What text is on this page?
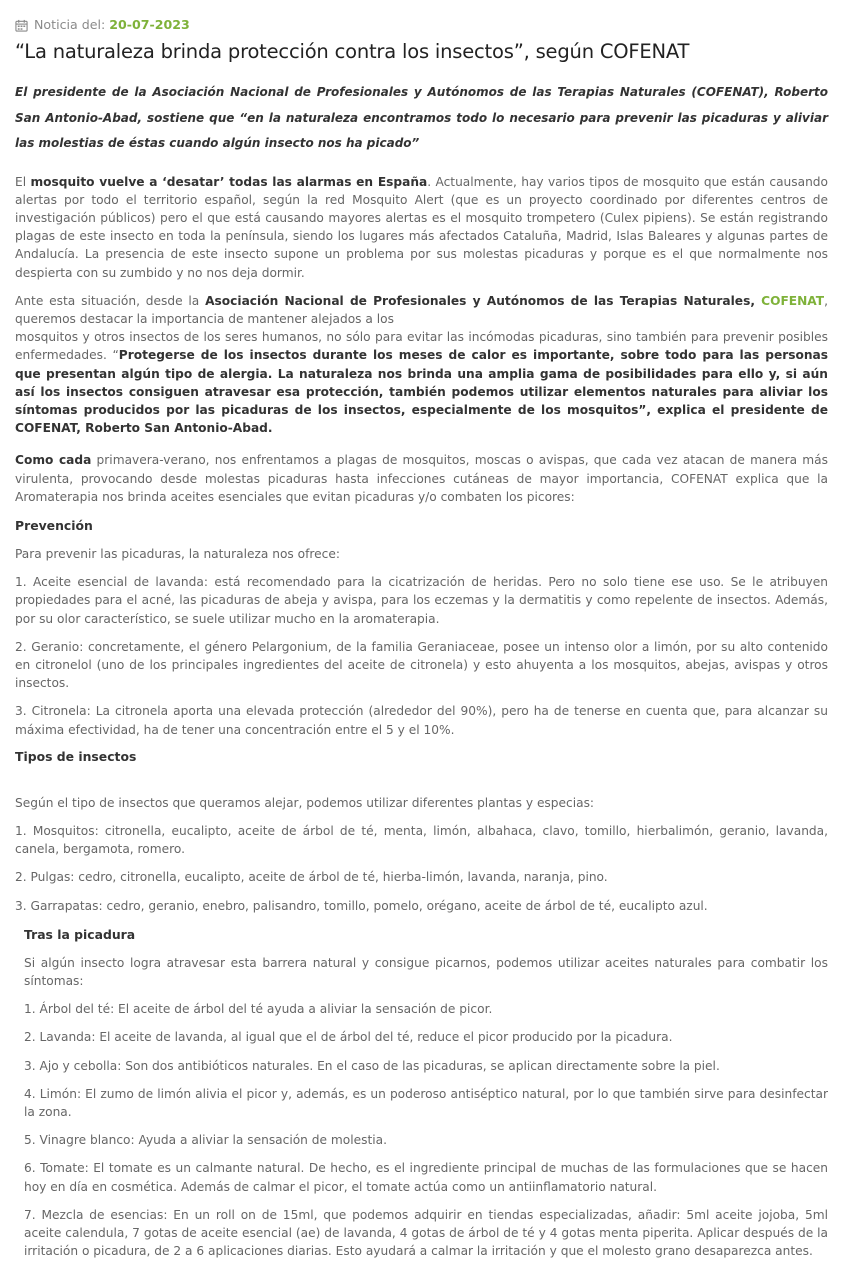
Noticia del: 20-07-2023
“La naturaleza brinda protección contra los insectos”, según COFENAT
El presidente de la Asociación Nacional de Profesionales y Autónomos de las Terapias Naturales (COFENAT), Roberto San Antonio-Abad, sostiene que “en la naturaleza encontramos todo lo necesario para prevenir las picaduras y aliviar las molestias de éstas cuando algún insecto nos ha picado”

El mosquito vuelve a ‘desatar’ todas las alarmas en España. Actualmente, hay varios tipos de mosquito que están causando alertas por todo el territorio español, según la red Mosquito Alert (que es un proyecto coordinado por diferentes centros de investigación públicos) pero el que está causando mayores alertas es el mosquito trompetero (Culex pipiens). Se están registrando plagas de este insecto en toda la península, siendo los lugares más afectados Cataluña, Madrid, Islas Baleares y algunas partes de Andalucía. La presencia de este insecto supone un problema por sus molestas picaduras y porque es el que normalmente nos despierta con su zumbido y no nos deja dormir.

Ante esta situación, desde la Asociación Nacional de Profesionales y Autónomos de las Terapias Naturales, COFENAT, queremos destacar la importancia de mantener alejados a los
mosquitos y otros insectos de los seres humanos, no sólo para evitar las incómodas picaduras, sino también para prevenir posibles enfermedades. “Protegerse de los insectos durante los meses de calor es importante, sobre todo para las personas que presentan algún tipo de alergia. La naturaleza nos brinda una amplia gama de posibilidades para ello y, si aún así los insectos consiguen atravesar esa protección, también podemos utilizar elementos naturales para aliviar los síntomas producidos por las picaduras de los insectos, especialmente de los mosquitos”, explica el presidente de COFENAT, Roberto San Antonio-Abad.

Como cada primavera-verano, nos enfrentamos a plagas de mosquitos, moscas o avispas, que cada vez atacan de manera más virulenta, provocando desde molestas picaduras hasta infecciones cutáneas de mayor importancia, COFENAT explica que la Aromaterapia nos brinda aceites esenciales que evitan picaduras y/o combaten los picores:

Prevención

Para prevenir las picaduras, la naturaleza nos ofrece:

1. Aceite esencial de lavanda: está recomendado para la cicatrización de heridas. Pero no solo tiene ese uso. Se le atribuyen propiedades para el acné, las picaduras de abeja y avispa, para los eczemas y la dermatitis y como repelente de insectos. Además, por su olor característico, se suele utilizar mucho en la aromaterapia.

2. Geranio: concretamente, el género Pelargonium, de la familia Geraniaceae, posee un intenso olor a limón, por su alto contenido en citronelol (uno de los principales ingredientes del aceite de citronela) y esto ahuyenta a los mosquitos, abejas, avispas y otros insectos.

3. Citronela: La citronela aporta una elevada protección (alrededor del 90%), pero ha de tenerse en cuenta que, para alcanzar su máxima efectividad, ha de tener una concentración entre el 5 y el 10%.

Tipos de insectos

Según el tipo de insectos que queramos alejar, podemos utilizar diferentes plantas y especias:

1. Mosquitos: citronella, eucalipto, aceite de árbol de té, menta, limón, albahaca, clavo, tomillo, hierbalimón, geranio, lavanda, canela, bergamota, romero.

2. Pulgas: cedro, citronella, eucalipto, aceite de árbol de té, hierba-limón, lavanda, naranja, pino.

3. Garrapatas: cedro, geranio, enebro, palisandro, tomillo, pomelo, orégano, aceite de árbol de té, eucalipto azul.

Tras la picadura

Si algún insecto logra atravesar esta barrera natural y consigue picarnos, podemos utilizar aceites naturales para combatir los síntomas:

1. Árbol del té: El aceite de árbol del té ayuda a aliviar la sensación de picor.

2. Lavanda: El aceite de lavanda, al igual que el de árbol del té, reduce el picor producido por la picadura.

3. Ajo y cebolla: Son dos antibióticos naturales. En el caso de las picaduras, se aplican directamente sobre la piel.

4. Limón: El zumo de limón alivia el picor y, además, es un poderoso antiséptico natural, por lo que también sirve para desinfectar la zona.

5. Vinagre blanco: Ayuda a aliviar la sensación de molestia.

6. Tomate: El tomate es un calmante natural. De hecho, es el ingrediente principal de muchas de las formulaciones que se hacen hoy en día en cosmética. Además de calmar el picor, el tomate actúa como un antiinflamatorio natural.

7. Mezcla de esencias: En un roll on de 15ml, que podemos adquirir en tiendas especializadas, añadir: 5ml aceite jojoba, 5ml aceite calendula, 7 gotas de aceite esencial (ae) de lavanda, 4 gotas de árbol de té y 4 gotas menta piperita. Aplicar después de la irritación o picadura, de 2 a 6 aplicaciones diarias. Esto ayudará a calmar la irritación y que el molesto grano desaparezca antes.
